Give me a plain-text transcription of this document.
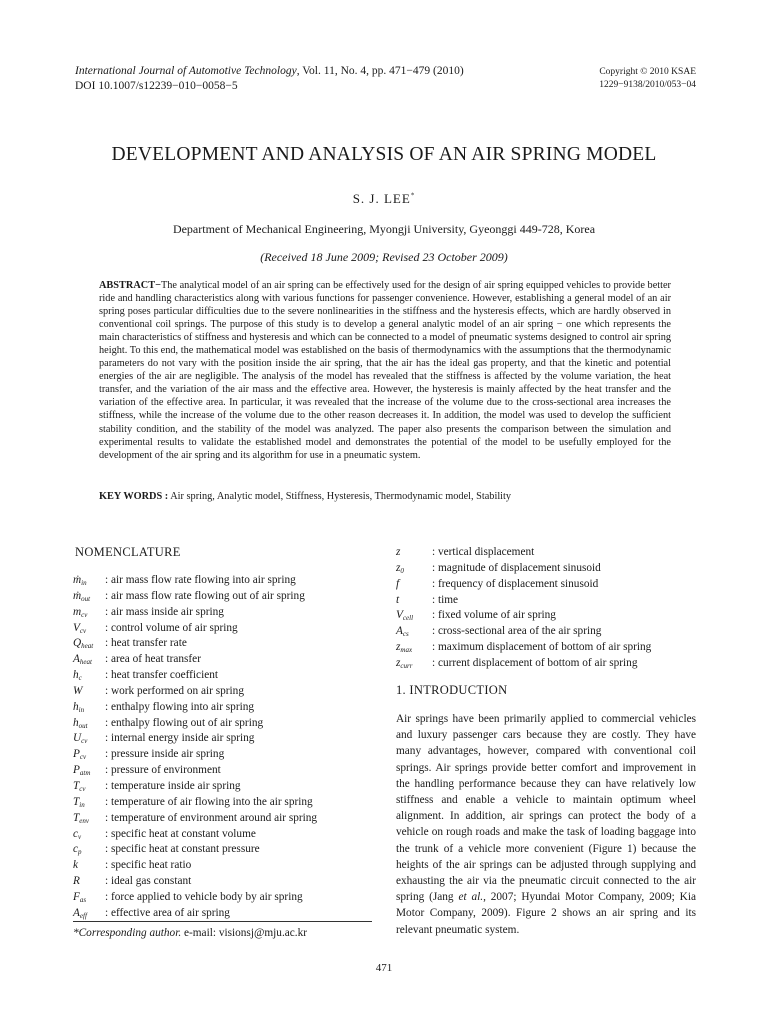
International Journal of Automotive Technology, Vol. 11, No. 4, pp. 471−479 (2010)
DOI 10.1007/s12239−010−0058−5
Copyright © 2010 KSAE
1229−9138/2010/053−04
DEVELOPMENT AND ANALYSIS OF AN AIR SPRING MODEL
S. J. LEE*
Department of Mechanical Engineering, Myongji University, Gyeonggi 449-728, Korea
(Received 18 June 2009; Revised 23 October 2009)
ABSTRACT−The analytical model of an air spring can be effectively used for the design of air spring equipped vehicles to provide better ride and handling characteristics along with various functions for passenger convenience. However, establishing a general model of an air spring poses particular difficulties due to the severe nonlinearities in the stiffness and the hysteresis effects, which are hardly observed in conventional coil springs. The purpose of this study is to develop a general analytic model of an air spring − one which represents the main characteristics of stiffness and hysteresis and which can be connected to a model of pneumatic systems designed to control air spring height. To this end, the mathematical model was established on the basis of thermodynamics with the assumptions that the thermodynamic parameters do not vary with the position inside the air spring, that the air has the ideal gas property, and that the kinetic and potential energies of the air are negligible. The analysis of the model has revealed that the stiffness is affected by the volume variation, the heat transfer, and the variation of the air mass and the effective area. However, the hysteresis is mainly affected by the heat transfer and the variation of the effective area. In particular, it was revealed that the increase of the volume due to the cross-sectional area increases the stiffness, while the increase of the volume due to the other reason decreases it. In addition, the model was used to develop the sufficient stability condition, and the stability of the model was analyzed. The paper also presents the comparison between the simulation and experimental results to validate the established model and demonstrates the potential of the model to be usefully employed for the development of the air spring and its algorithm for use in a pneumatic system.
KEY WORDS : Air spring, Analytic model, Stiffness, Hysteresis, Thermodynamic model, Stability
NOMENCLATURE
ṁ$_{in}$	: air mass flow rate flowing into air spring
ṁ$_{out}$	: air mass flow rate flowing out of air spring
$m_{cv}$	: air mass inside air spring
$V_{cv}$	: control volume of air spring
$Q_{heat}$	: heat transfer rate
$A_{heat}$	: area of heat transfer
$h_c$	: heat transfer coefficient
W	: work performed on air spring
$h_{in}$	: enthalpy flowing into air spring
$h_{out}$	: enthalpy flowing out of air spring
$U_{cv}$	: internal energy inside air spring
$P_{cv}$	: pressure inside air spring
$P_{atm}$	: pressure of environment
$T_{cv}$	: temperature inside air spring
$T_{in}$	: temperature of air flowing into the air spring
$T_{env}$	: temperature of environment around air spring
$c_v$	: specific heat at constant volume
$c_p$	: specific heat at constant pressure
k	: specific heat ratio
R	: ideal gas constant
$F_{as}$	: force applied to vehicle body by air spring
$A_{eff}$	: effective area of air spring
z	: vertical displacement
$z_0$	: magnitude of displacement sinusoid
f	: frequency of displacement sinusoid
t	: time
$V_{cell}$	: fixed volume of air spring
$A_{cs}$	: cross-sectional area of the air spring
$z_{max}$	: maximum displacement of bottom of air spring
$z_{curr}$	: current displacement of bottom of air spring
*Corresponding author. e-mail: visionsj@mju.ac.kr
1. INTRODUCTION
Air springs have been primarily applied to commercial vehicles and luxury passenger cars because they are costly. They have many advantages, however, compared with conventional coil springs. Air springs provide better comfort and improvement in the handling performance because they can have relatively low stiffness and enable a vehicle to maintain optimum wheel alignment. In addition, air springs can protect the body of a vehicle on rough roads and make the task of loading baggage into the trunk of a vehicle more convenient (Figure 1) because the heights of the air springs can be adjusted through supplying and exhausting the air via the pneumatic circuit connected to the air spring (Jang et al., 2007; Hyundai Motor Company, 2009; Kia Motor Company, 2009). Figure 2 shows an air spring and its relevant pneumatic system.
471
